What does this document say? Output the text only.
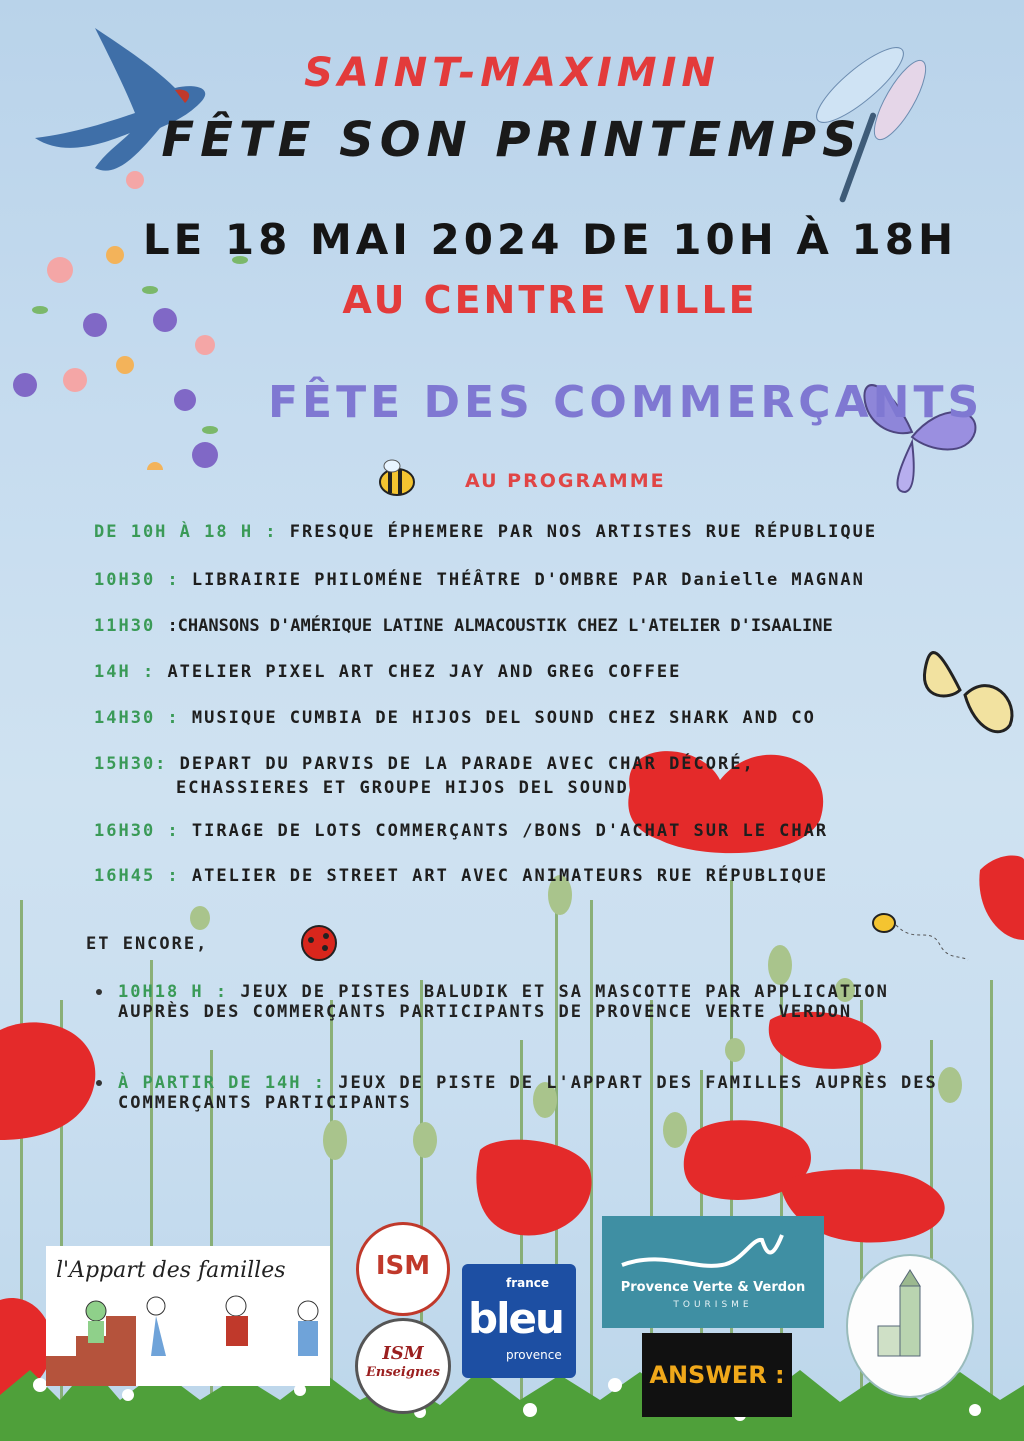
SAINT-MAXIMIN
FÊTE SON PRINTEMPS
LE 18 MAI 2024 DE 10H À 18H
AU CENTRE VILLE
FÊTE DES COMMERÇANTS
AU PROGRAMME
DE 10H À 18 H : FRESQUE ÉPHEMERE PAR NOS ARTISTES RUE RÉPUBLIQUE
10H30 : LIBRAIRIE PHILOMÉNE THÉÂTRE D'OMBRE PAR Danielle MAGNAN
11H30 :CHANSONS D'AMÉRIQUE LATINE ALMACOUSTIK CHEZ L'ATELIER D'ISAALINE
14H : ATELIER PIXEL ART CHEZ JAY AND GREG COFFEE
14H30 : MUSIQUE CUMBIA DE HIJOS DEL SOUND CHEZ SHARK AND CO
15H30: DEPART DU PARVIS DE LA PARADE AVEC CHAR DÉCORÉ,
ECHASSIERES ET GROUPE HIJOS DEL SOUND
16H30 : TIRAGE DE LOTS COMMERÇANTS /BONS D'ACHAT SUR LE CHAR
16H45 : ATELIER DE STREET ART AVEC ANIMATEURS RUE RÉPUBLIQUE
ET ENCORE,
10H18 H : JEUX DE PISTES BALUDIK ET SA MASCOTTE PAR APPLICATION
AUPRÈS DES COMMERÇANTS PARTICIPANTS DE PROVENCE VERTE VERDON
À PARTIR DE 14H : JEUX DE PISTE DE L'APPART DES FAMILLES AUPRÈS DES
COMMERÇANTS PARTICIPANTS
l'Appart des familles	ISM
ISM
Enseignes
france
bleu
provence
Provence Verte & Verdon
TOURISME
ANSWER :
